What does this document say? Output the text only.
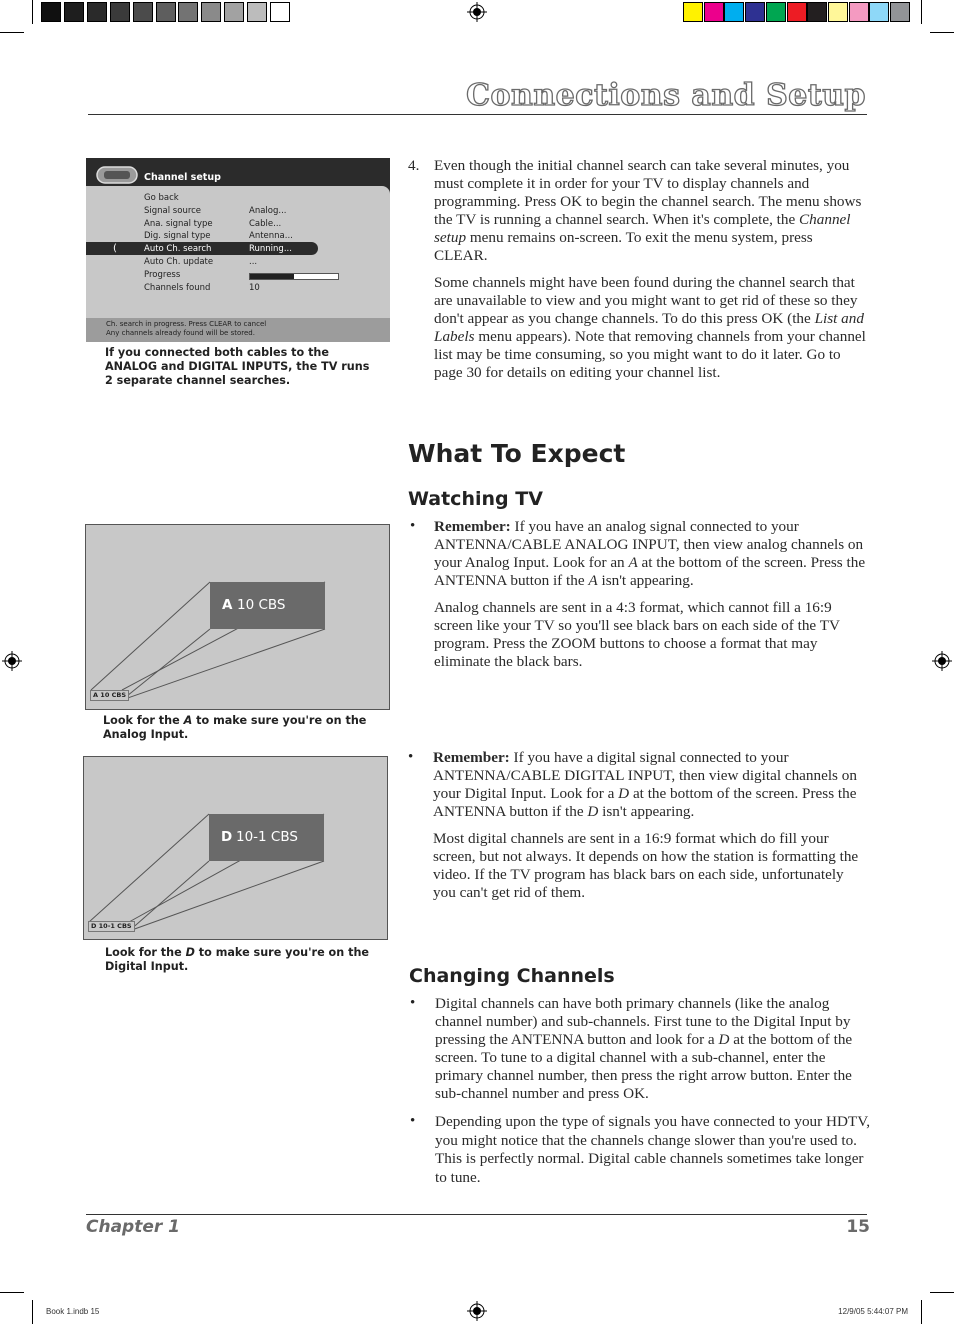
Connections and Setup
Channel setup
(
Go back
Signal source	Analog...
Ana. signal type	Cable...
Dig. signal type	Antenna...
Auto Ch. search	Running...
Auto Ch. update	...
Progress
Channels found	10
Ch. search in progress. Press CLEAR to cancel
Any channels already found will be stored.
If you connected both cables to the ANALOG and DIGITAL INPUTS, the TV runs 2 separate channel searches.
A 10 CBS
A 10 CBS
Look for the A to make sure you're on the Analog Input.
D 10-1 CBS
D 10-1 CBS
Look for the D to make sure you're on the Digital Input.
4. Even though the initial channel search can take several minutes, you must complete it in order for your TV to display channels and programming. Press OK to begin the channel search. The menu shows the TV is running a channel search. When it's complete, the Channel setup menu remains on-screen. To exit the menu system, press CLEAR.

Some channels might have been found during the channel search that are unavailable to view and you might want to get rid of these so they don't appear as you change channels. To do this press OK (the List and Labels menu appears). Note that removing channels from your channel list may be time consuming, so you might want to do it later. Go to page 30 for details on editing your channel list.

What To Expect
Watching TV
• Remember: If you have an analog signal connected to your ANTENNA/CABLE ANALOG INPUT, then view analog channels on your Analog Input. Look for an A at the bottom of the screen. Press the ANTENNA button if the A isn't appearing.

Analog channels are sent in a 4:3 format, which cannot fill a 16:9 screen like your TV so you'll see black bars on each side of the TV program. Press the ZOOM buttons to choose a format that may eliminate the black bars.

• Remember: If you have a digital signal connected to your ANTENNA/CABLE DIGITAL INPUT, then view digital channels on your Digital Input. Look for a D at the bottom of the screen. Press the ANTENNA button if the D isn't appearing.

Most digital channels are sent in a 16:9 format which do fill your screen, but not always. It depends on how the station is formatting the video. If the TV program has black bars on each side, unfortunately you can't get rid of them.

Changing Channels
• Digital channels can have both primary channels (like the analog channel number) and sub-channels. First tune to the Digital Input by pressing the ANTENNA button and look for a D at the bottom of the screen. To tune to a digital channel with a sub-channel, enter the primary channel number, then press the right arrow button. Enter the sub-channel number and press OK.

• Depending upon the type of signals you have connected to your HDTV, you might notice that the channels change slower than you're used to. This is perfectly normal. Digital cable channels sometimes take longer to tune.

Chapter 1	15
Book 1.indb 15	12/9/05 5:44:07 PM
